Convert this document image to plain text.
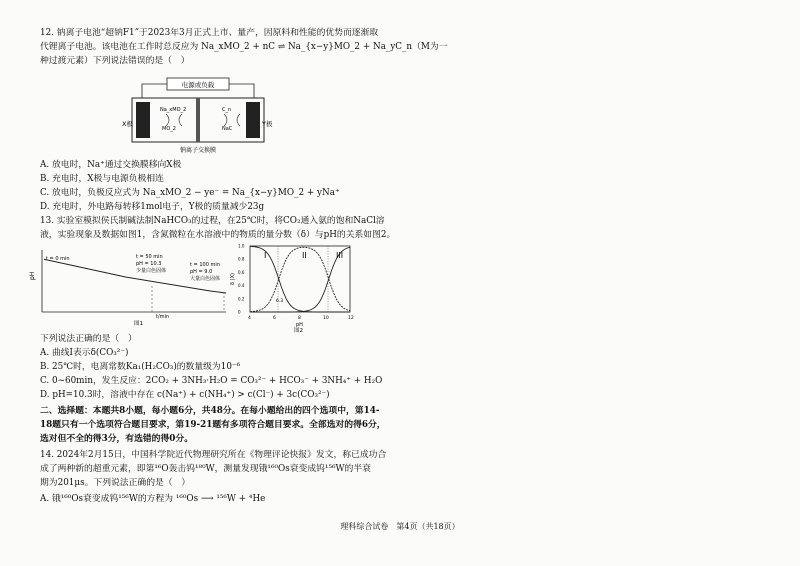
12. 钠离子电池“超钠F1”于2023年3月正式上市、量产，因原料和性能的优势而逐渐取
代锂离子电池。该电池在工作时总反应为 Na_xMO_2 + nC ⇌ Na_{x−y}MO_2 + Na_yC_n（M为一
种过渡元素）下列说法错误的是（　）
电源或负载
Na_xMO_2
MO_2
C_n
NaC
X极	Y极
钠离子交换膜
A. 放电时，Na⁺通过交换膜移向X极
B. 充电时，X极与电源负极相连
C. 放电时，负极反应式为 Na_xMO_2 − ye⁻ = Na_{x−y}MO_2 + yNa⁺
D. 充电时，外电路每转移1mol电子，Y极的质量减少23g
13. 实验室模拟侯氏制碱法制NaHCO₃的过程，在25℃时，将CO₂通入氨的饱和NaCl溶
液，实验现象及数据如图1，含氮微粒在水溶液中的物质的量分数（δ）与pH的关系如图2。
pH
t = 0 min	t = 50 min
pH = 10.3
少量白色固体
t = 100 min
pH = 9.0
大量白色固体
t/min
图1
δ (X)
0
0.2
0.4
0.6
0.8
1.0
4	6	8	10	12
I	II	III
6.3
pH
图2
下列说法正确的是（　）
A. 曲线Ⅰ表示δ(CO₃²⁻)
B. 25℃时，电离常数Ka₁(H₂CO₃)的数量级为10⁻⁶
C. 0~60min，发生反应：2CO₂ + 3NH₃·H₂O = CO₃²⁻ + HCO₃⁻ + 3NH₄⁺ + H₂O
D. pH=10.3时，溶液中存在 c(Na⁺) + c(NH₄⁺) > c(Cl⁻) + 3c(CO₃²⁻)
二、选择题：本题共8小题，每小题6分，共48分。在每小题给出的四个选项中，第14-
18题只有一个选项符合题目要求，第19-21题有多项符合题目要求。全部选对的得6分，
选对但不全的得3分，有选错的得0分。
14. 2024年2月15日，中国科学院近代物理研究所在《物理评论快报》发文，称已成功合
成了两种新的超重元素，即第¹⁶O轰击钨¹⁸⁰W，测量发现锇¹⁶⁰Os衰变成钨¹⁵⁶W的半衰
期为201μs。下列说法正确的是（　）
A. 锇¹⁶⁰Os衰变成钨¹⁵⁶W的方程为 ¹⁶⁰Os ⟶ ¹⁵⁶W + ⁴He
理科综合试卷　第4页（共18页）
